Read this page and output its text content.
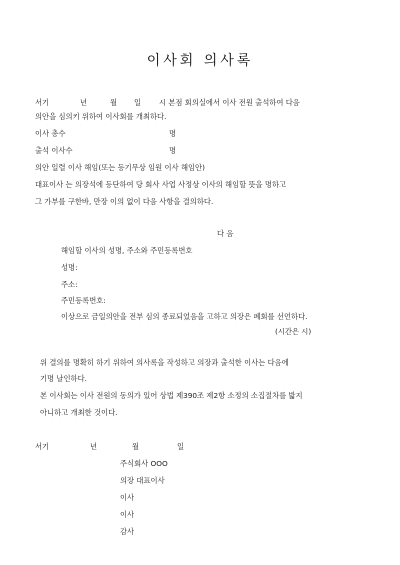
이사회 의사록
서기	년	월 일 시 본점 회의실에서 이사 전원 출석하여 다음
의안을 심의키 위하여 이사회를 개최하다.
이사 총수	명
출석 이사수	명
의안 일렬 이사 해임(또는 등기무상 임원 이사 해임안)
대표이사 는 의장석에 등단하여 당 회사 사업 사정상 이사의 해임할 뜻을 명하고
그 가부를 구한바, 만장 이의 없이 다음 사항을 결의하다.
다 음
해임할 이사의 성명, 주소와 주민등록번호
성명:
주소:
주민등록번호:
이상으로 금일의안을 전부 심의 종료되었음을 고하고 의장은 폐회를 선언하다.
(시간은 시)
위 결의를 명확히 하기 위하여 의사록을 작성하고 의장과 출석한 이사는 다음에
기명 날인하다.
본 이사회는 이사 전원의 동의가 있어 상법 제390조 제2항 소정의 소집절차를 밟지
아니하고 개최한 것이다.
서기	년	월	일
주식회사 OOO
의장 대표이사
이사
이사
감사
